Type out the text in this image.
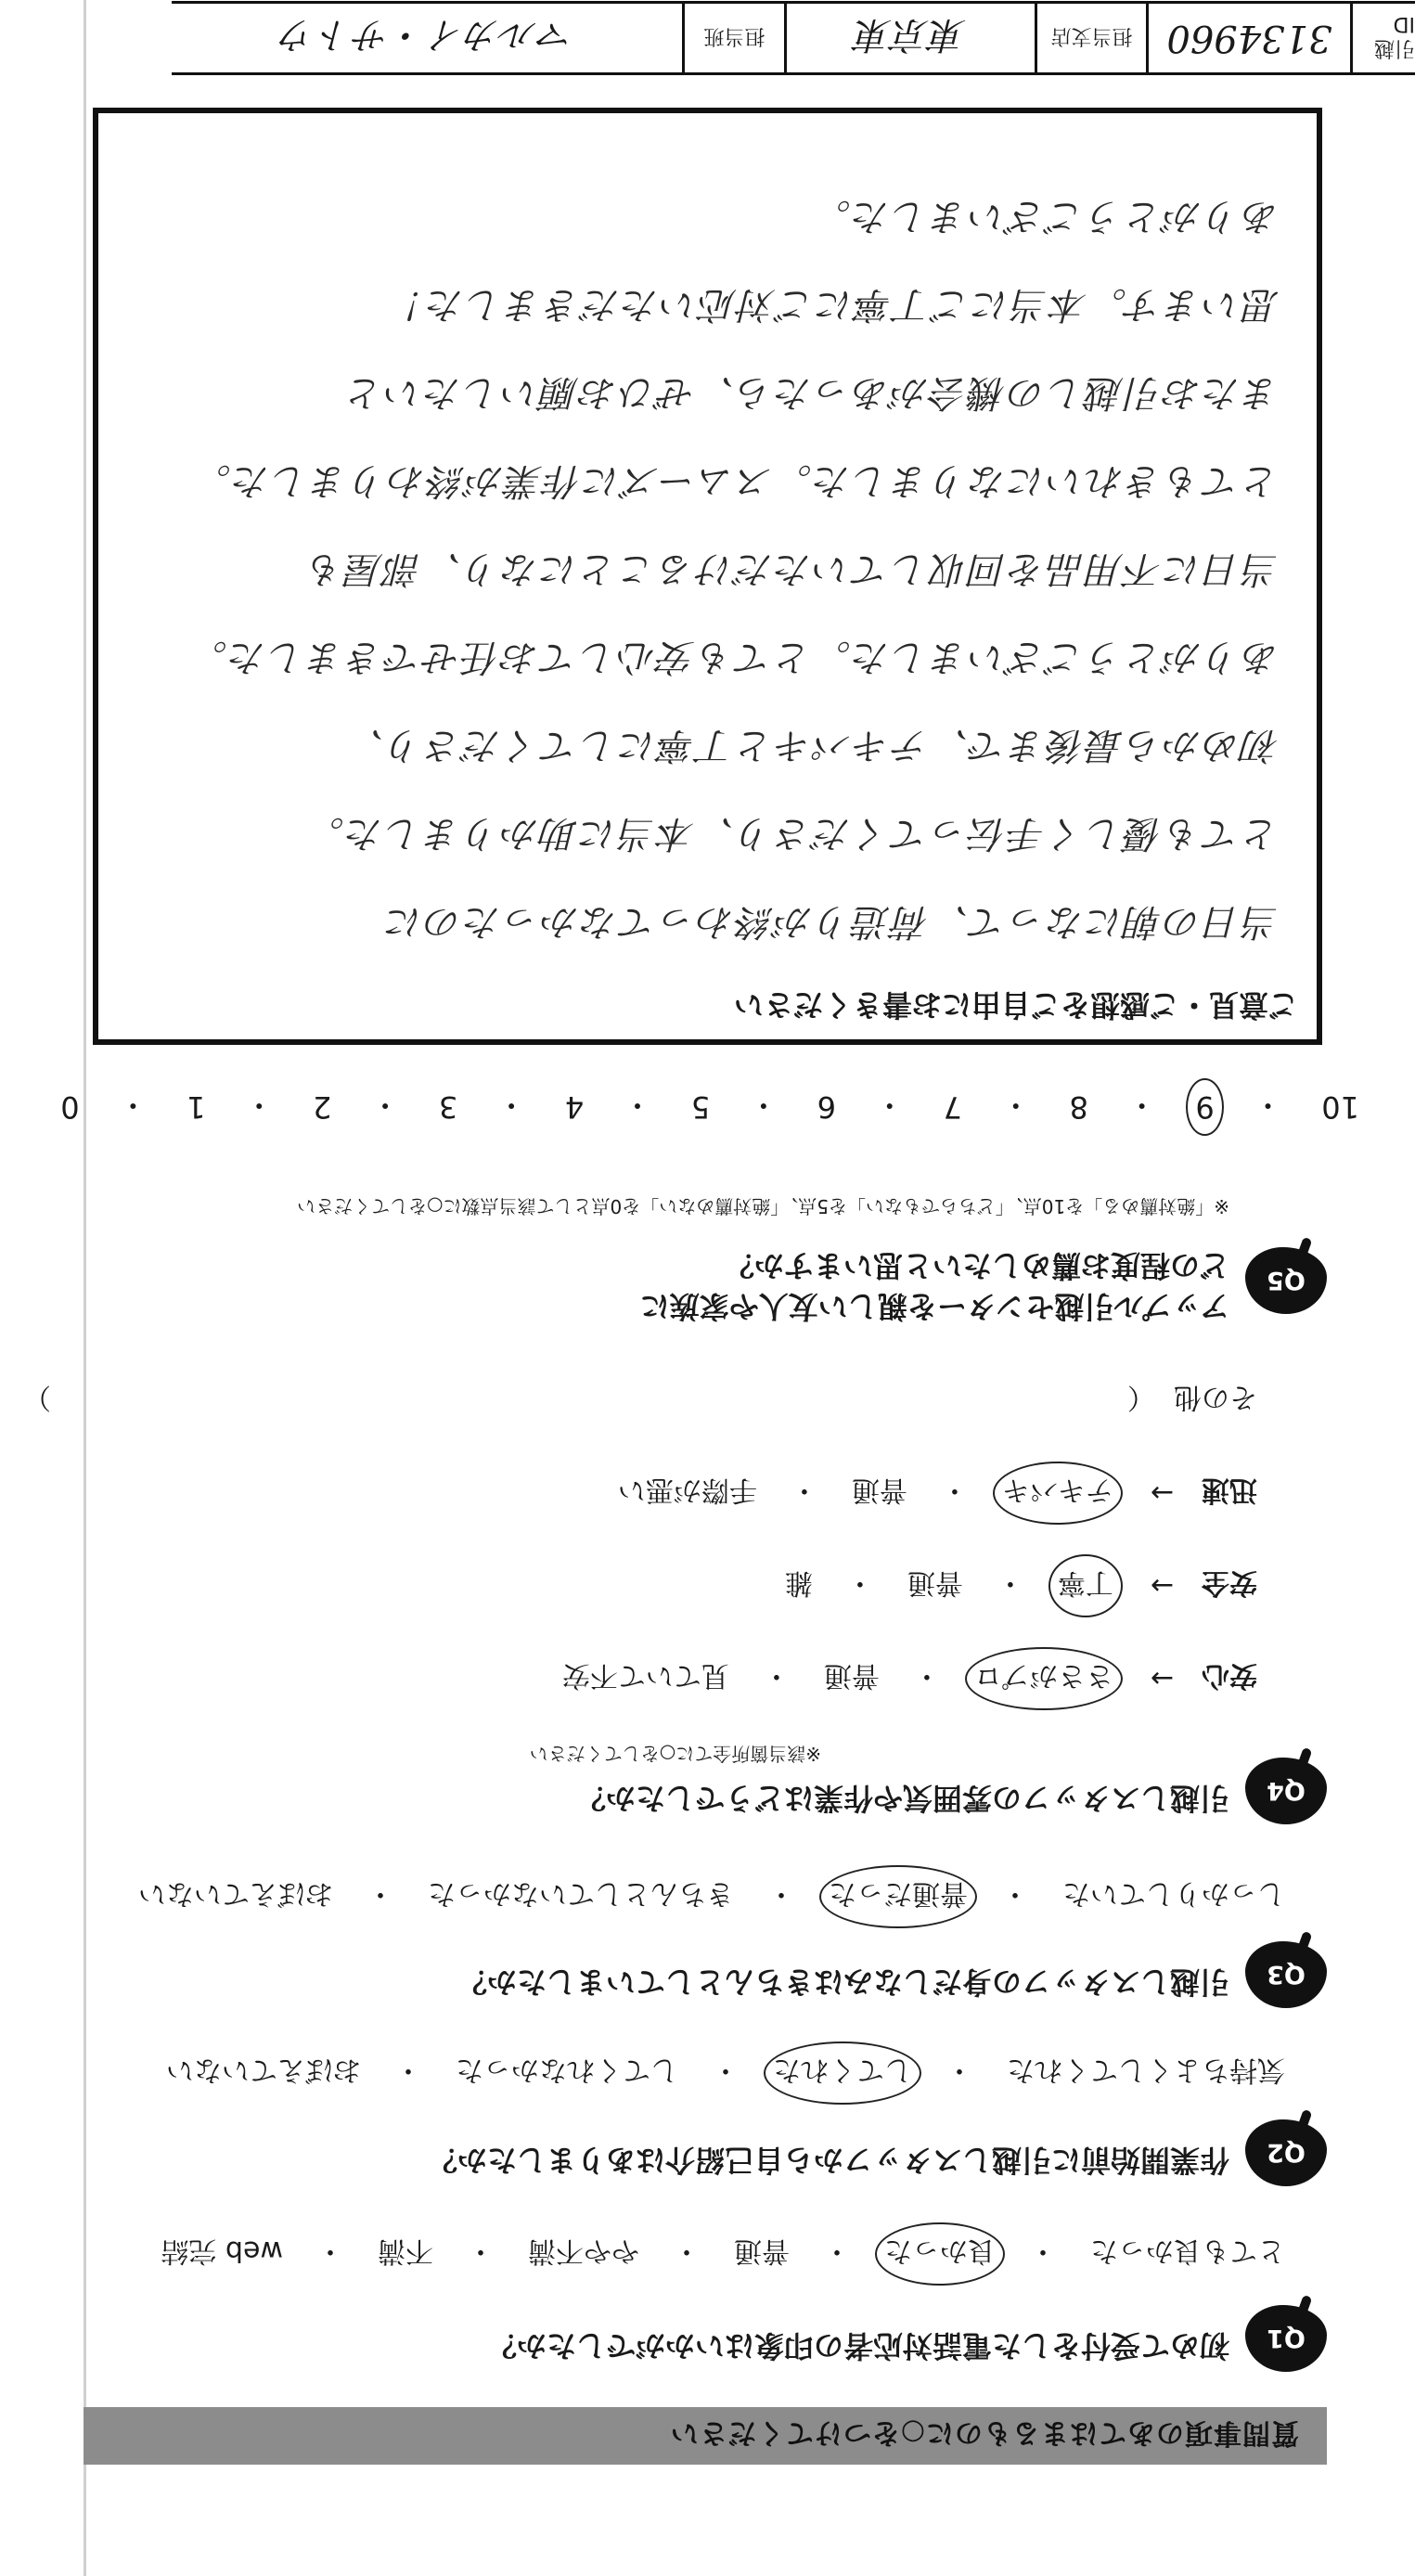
質問事項のあてはまるものに○をつけてください
Q1
初めて受付をした電話対応者の印象はいかがでしたか？
とても良かった
・
良かった
・
普通
・
やや不満
・
不満
・
web 完結
Q2
作業開始前に引越しスタッフから自己紹介はありましたか？
気持ちよくしてくれた
・
してくれた
・
してくれなかった
・
おぼえていない
Q3
引越しスタッフの身だしなみはきちんとしていましたか？
しっかりしていた
・
普通だった
・
きちんとしていなかった
・
おぼえていない
Q4
引越しスタッフの雰囲気や作業はどうでしたか？
※該当箇所全てに○をしてください
安心
→
ささがプロ
・
普通
・
見ていて不安
安全
→
丁寧
・
普通
・
雑
迅速
→
テキパキ
・
普通
・
手際が悪い
その他
（
）
Q5
アップル引越センターを親しい友人や家族に
どの程度お薦めしたいと思いますか？
※「絶対薦める」を10点、「どちらでもない」を5点、「絶対薦めない」を0点として該当点数に○をしてください
10
・
9
・
8
・
7
・
6
・
5
・
4
・
3
・
2
・
1
・
0
ご意見・ご感想をご自由にお書きください
当日の朝になって、荷造りが終わってなかったのに
とても優しく手伝ってくださり、本当に助かりました。
初めから最後まで、テキパキと丁寧にしてくださり、
ありがとうございました。とても安心してお任せできました。
当日に不用品を回収していただけることになり、部屋も
とてもきれいになりました。スムーズに作業が終わりました。
またお引越しの機会があったら、ぜひお願いしたいと
思います。本当にご丁寧にご対応いただきました！
ありがとうございました。
引越ID
3134960
担当支店
東京東
担当班
マルカイ・サトウ
